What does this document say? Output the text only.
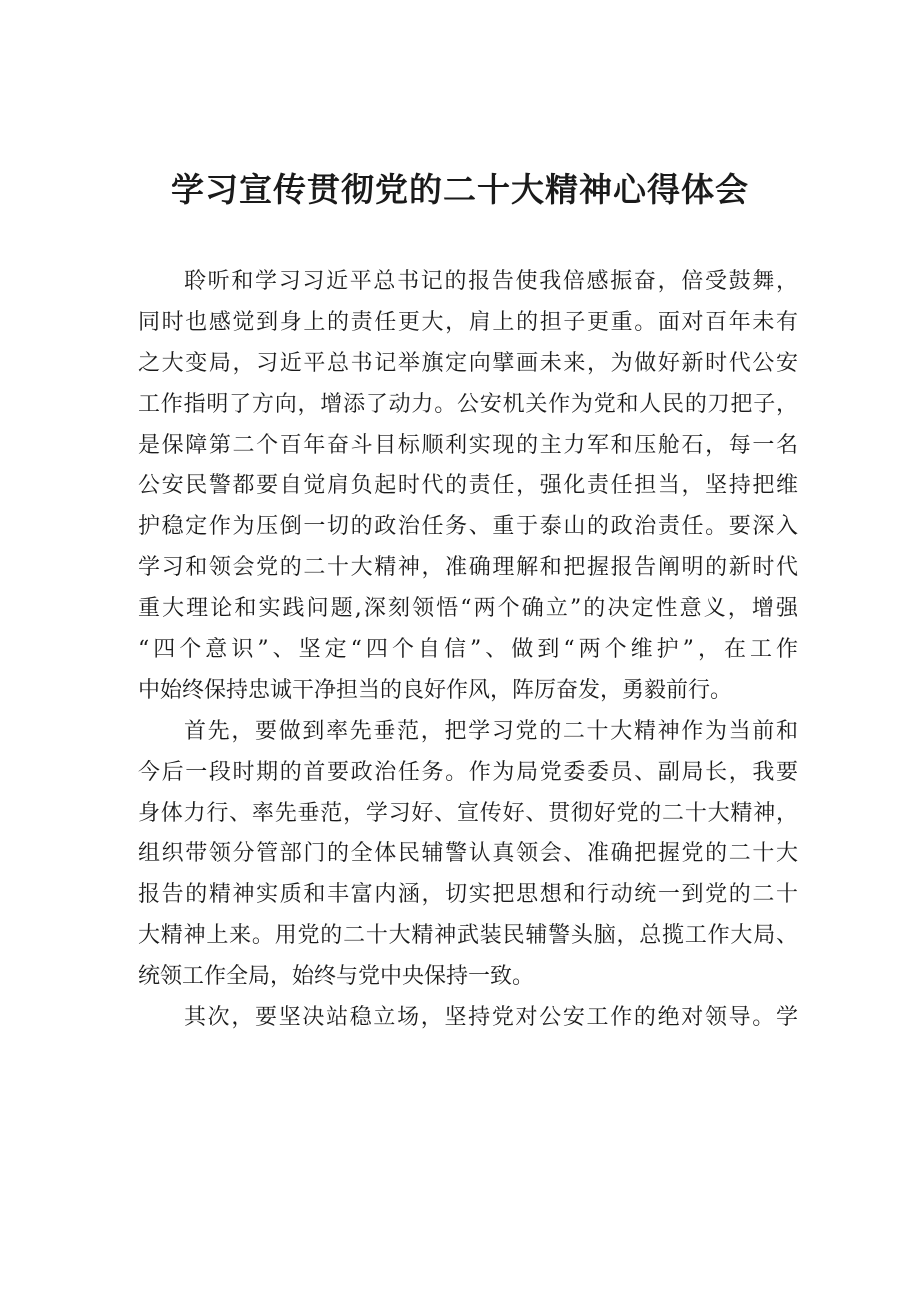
学习宣传贯彻党的二十大精神心得体会
聆听和学习习近平总书记的报告使我倍感振奋，倍受鼓舞，
同时也感觉到身上的责任更大，肩上的担子更重。面对百年未有
之大变局，习近平总书记举旗定向擘画未来，为做好新时代公安
工作指明了方向，增添了动力。公安机关作为党和人民的刀把子，
是保障第二个百年奋斗目标顺利实现的主力军和压舱石，每一名
公安民警都要自觉肩负起时代的责任，强化责任担当，坚持把维
护稳定作为压倒一切的政治任务、重于泰山的政治责任。要深入
学习和领会党的二十大精神，准确理解和把握报告阐明的新时代
重大理论和实践问题,深刻领悟“两个确立”的决定性意义，增强
“四个意识”、坚定“四个自信”、做到“两个维护”，在工作
中始终保持忠诚干净担当的良好作风，阵厉奋发，勇毅前行。
首先，要做到率先垂范，把学习党的二十大精神作为当前和
今后一段时期的首要政治任务。作为局党委委员、副局长，我要
身体力行、率先垂范，学习好、宣传好、贯彻好党的二十大精神，
组织带领分管部门的全体民辅警认真领会、准确把握党的二十大
报告的精神实质和丰富内涵，切实把思想和行动统一到党的二十
大精神上来。用党的二十大精神武装民辅警头脑，总揽工作大局、
统领工作全局，始终与党中央保持一致。
其次，要坚决站稳立场，坚持党对公安工作的绝对领导。学
